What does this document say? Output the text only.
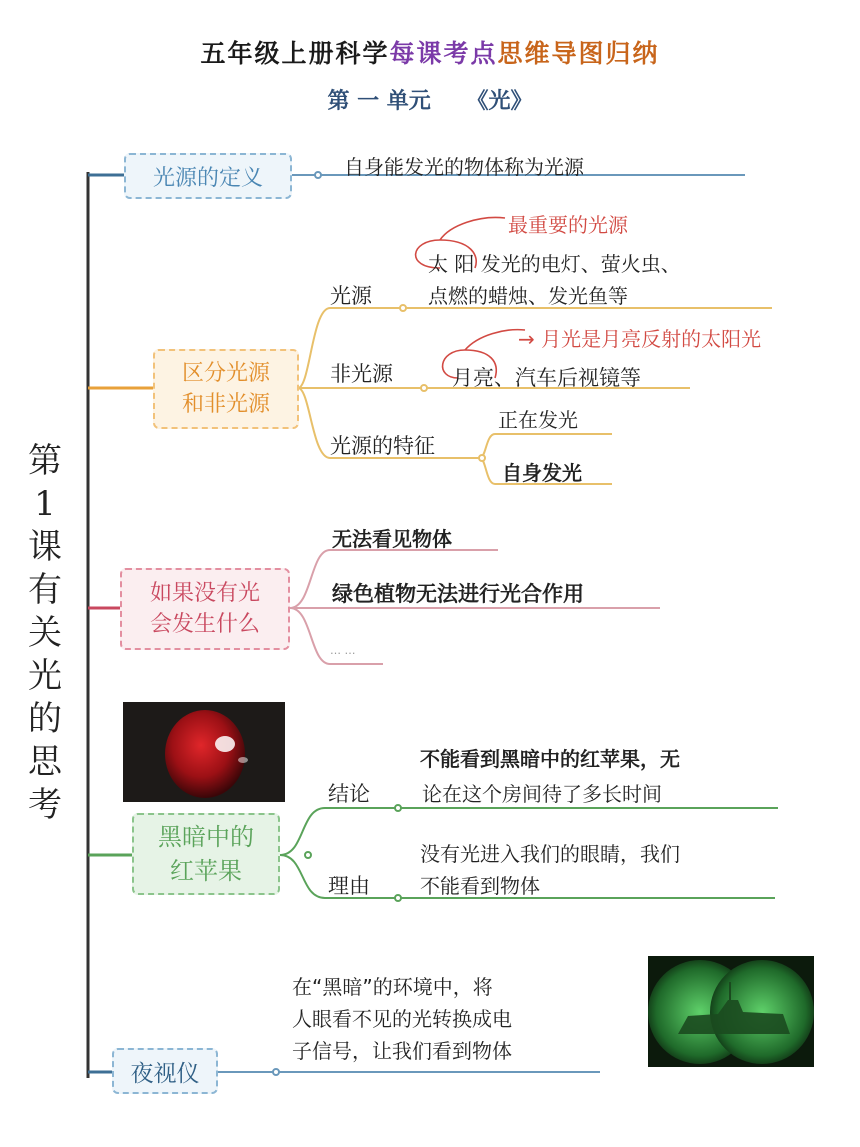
五年级上册科学每课考点思维导图归纳
第 一 单元 《光》
第1课有关光的思考
光源的定义	自身能发光的物体称为光源
区分光源
和非光源
光源
最重要的光源
太 阳 发光的电灯、萤火虫、
点燃的蜡烛、发光鱼等
非光源
→ 月光是月亮反射的太阳光
月亮、汽车后视镜等
光源的特征
正在发光
自身发光
如果没有光
会发生什么
无法看见物体
绿色植物无法进行光合作用
… …
黑暗中的
红苹果
结论
不能看到黑暗中的红苹果，无
论在这个房间待了多长时间
理由
没有光进入我们的眼睛，我们
不能看到物体
夜视仪
在“黑暗”的环境中，将
人眼看不见的光转换成电
子信号，让我们看到物体
